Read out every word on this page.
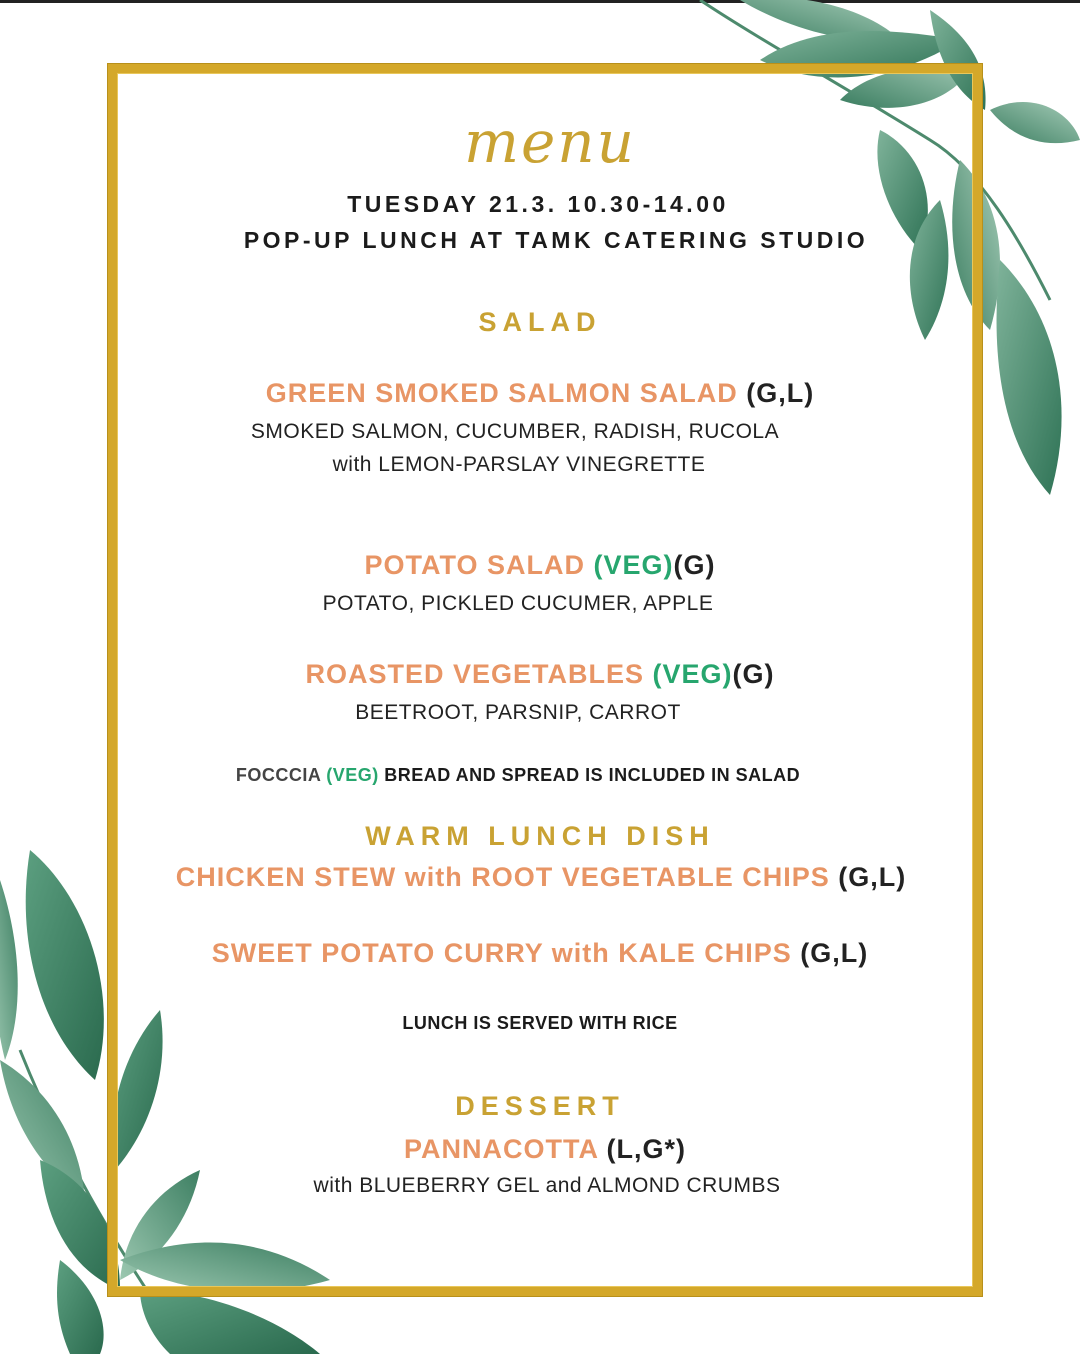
menu
TUESDAY 21.3. 10.30-14.00
POP-UP LUNCH AT TAMK CATERING STUDIO
SALAD
GREEN SMOKED SALMON SALAD (G,L)
SMOKED SALMON, CUCUMBER, RADISH, RUCOLA
with LEMON-PARSLAY VINEGRETTE
POTATO SALAD (VEG)(G)
POTATO, PICKLED CUCUMER, APPLE
ROASTED VEGETABLES (VEG)(G)
BEETROOT, PARSNIP, CARROT
FOCCCIA (VEG) BREAD AND SPREAD IS INCLUDED IN SALAD
WARM LUNCH DISH
CHICKEN STEW with ROOT VEGETABLE CHIPS (G,L)
SWEET POTATO CURRY with KALE CHIPS (G,L)
LUNCH IS SERVED WITH RICE
DESSERT
PANNACOTTA (L,G*)
with BLUEBERRY GEL and ALMOND CRUMBS
